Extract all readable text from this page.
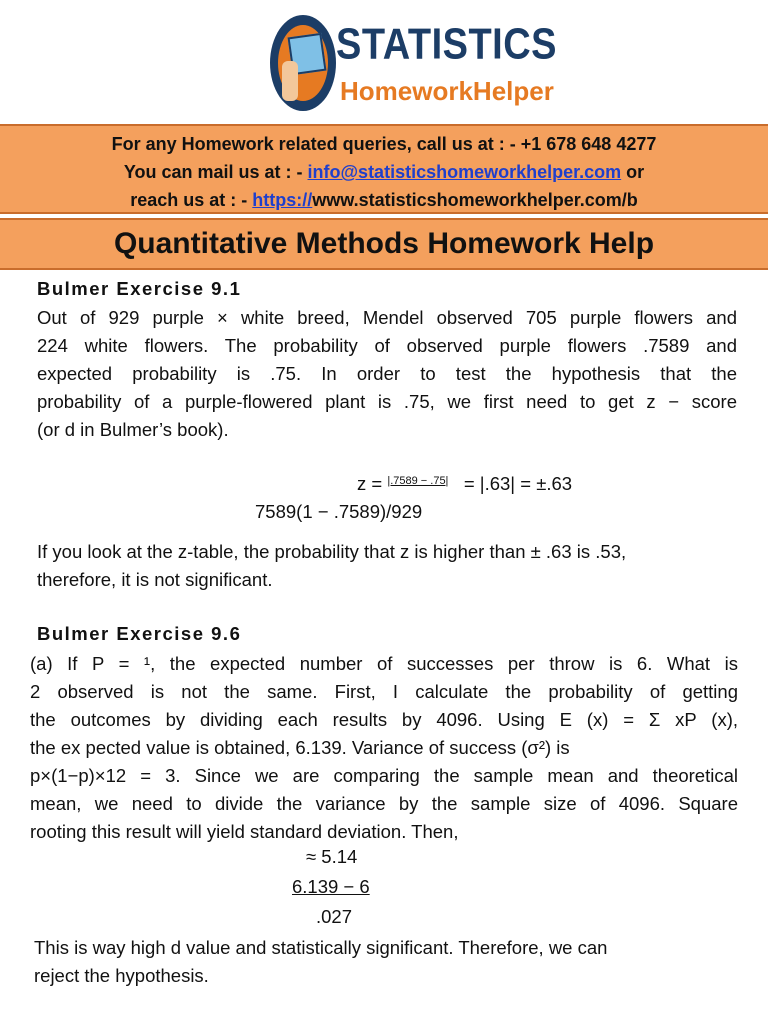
STATISTICS
HomeworkHelper
For any Homework related queries, call us at : - +1 678 648 4277
You can mail us at : - info@statisticshomeworkhelper.com or
reach us at : - https://www.statisticshomeworkhelper.com/b
Quantitative Methods Homework Help
Bulmer Exercise 9.1
Out of 929 purple × white breed, Mendel observed 705 purple flowers and
224 white flowers. The probability of observed purple flowers .7589 and
expected probability is .75. In order to test the hypothesis that the
probability of a purple-flowered plant is .75, we first need to get z − score
(or d in Bulmer’s book).
z = $^{|.7589 - .75|}$ = |.63| = ±.63
7589(1 − .7589)/929
If you look at the z-table, the probability that z is higher than ± .63 is .53,
therefore, it is not significant.
Bulmer Exercise 9.6
(a) If P = ¹, the expected number of successes per throw is 6. What is
2 observed is not the same. First, I calculate the probability of getting
the outcomes by dividing each results by 4096. Using E (x) = Σ xP (x),
the ex pected value is obtained, 6.139. Variance of success (σ²) is
p×(1−p)×12 = 3. Since we are comparing the sample mean and theoretical
mean, we need to divide the variance by the sample size of 4096. Square
rooting this result will yield standard deviation. Then,
≈ 5.14
6.139 − 6
.027
This is way high d value and statistically significant. Therefore, we can
reject the hypothesis.
